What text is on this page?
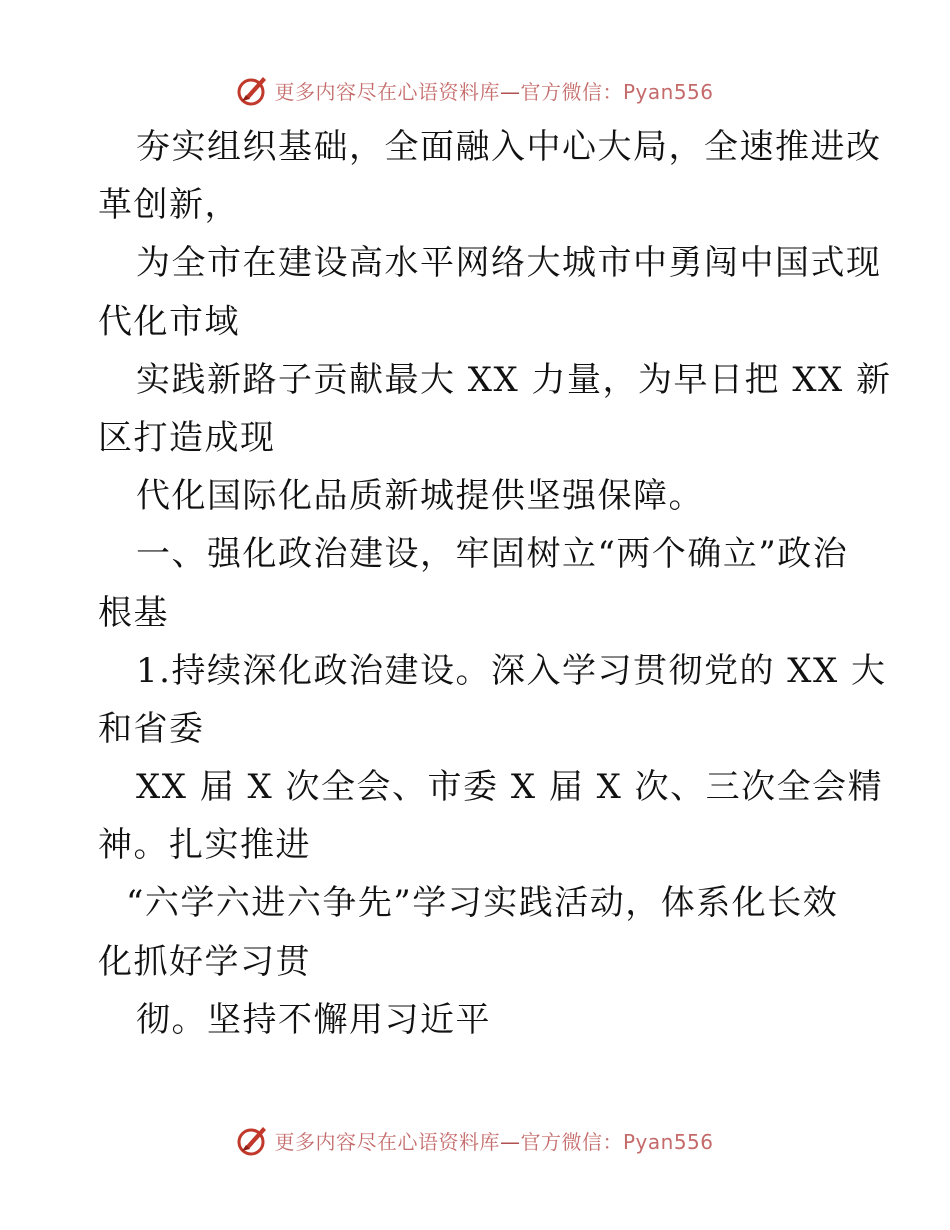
更多内容尽在心语资料库—官方微信：Pyan556
夯实组织基础，全面融入中心大局，全速推进改
革创新，
为全市在建设高水平网络大城市中勇闯中国式现
代化市域
实践新路子贡献最大 XX 力量，为早日把 XX 新
区打造成现
代化国际化品质新城提供坚强保障。
一、强化政治建设，牢固树立“两个确立”政治
根基
1.持续深化政治建设。深入学习贯彻党的 XX 大
和省委
XX 届 X 次全会、市委 X 届 X 次、三次全会精
神。扎实推进
“六学六进六争先”学习实践活动，体系化长效
化抓好学习贯
彻。坚持不懈用习近平
更多内容尽在心语资料库—官方微信：Pyan556
